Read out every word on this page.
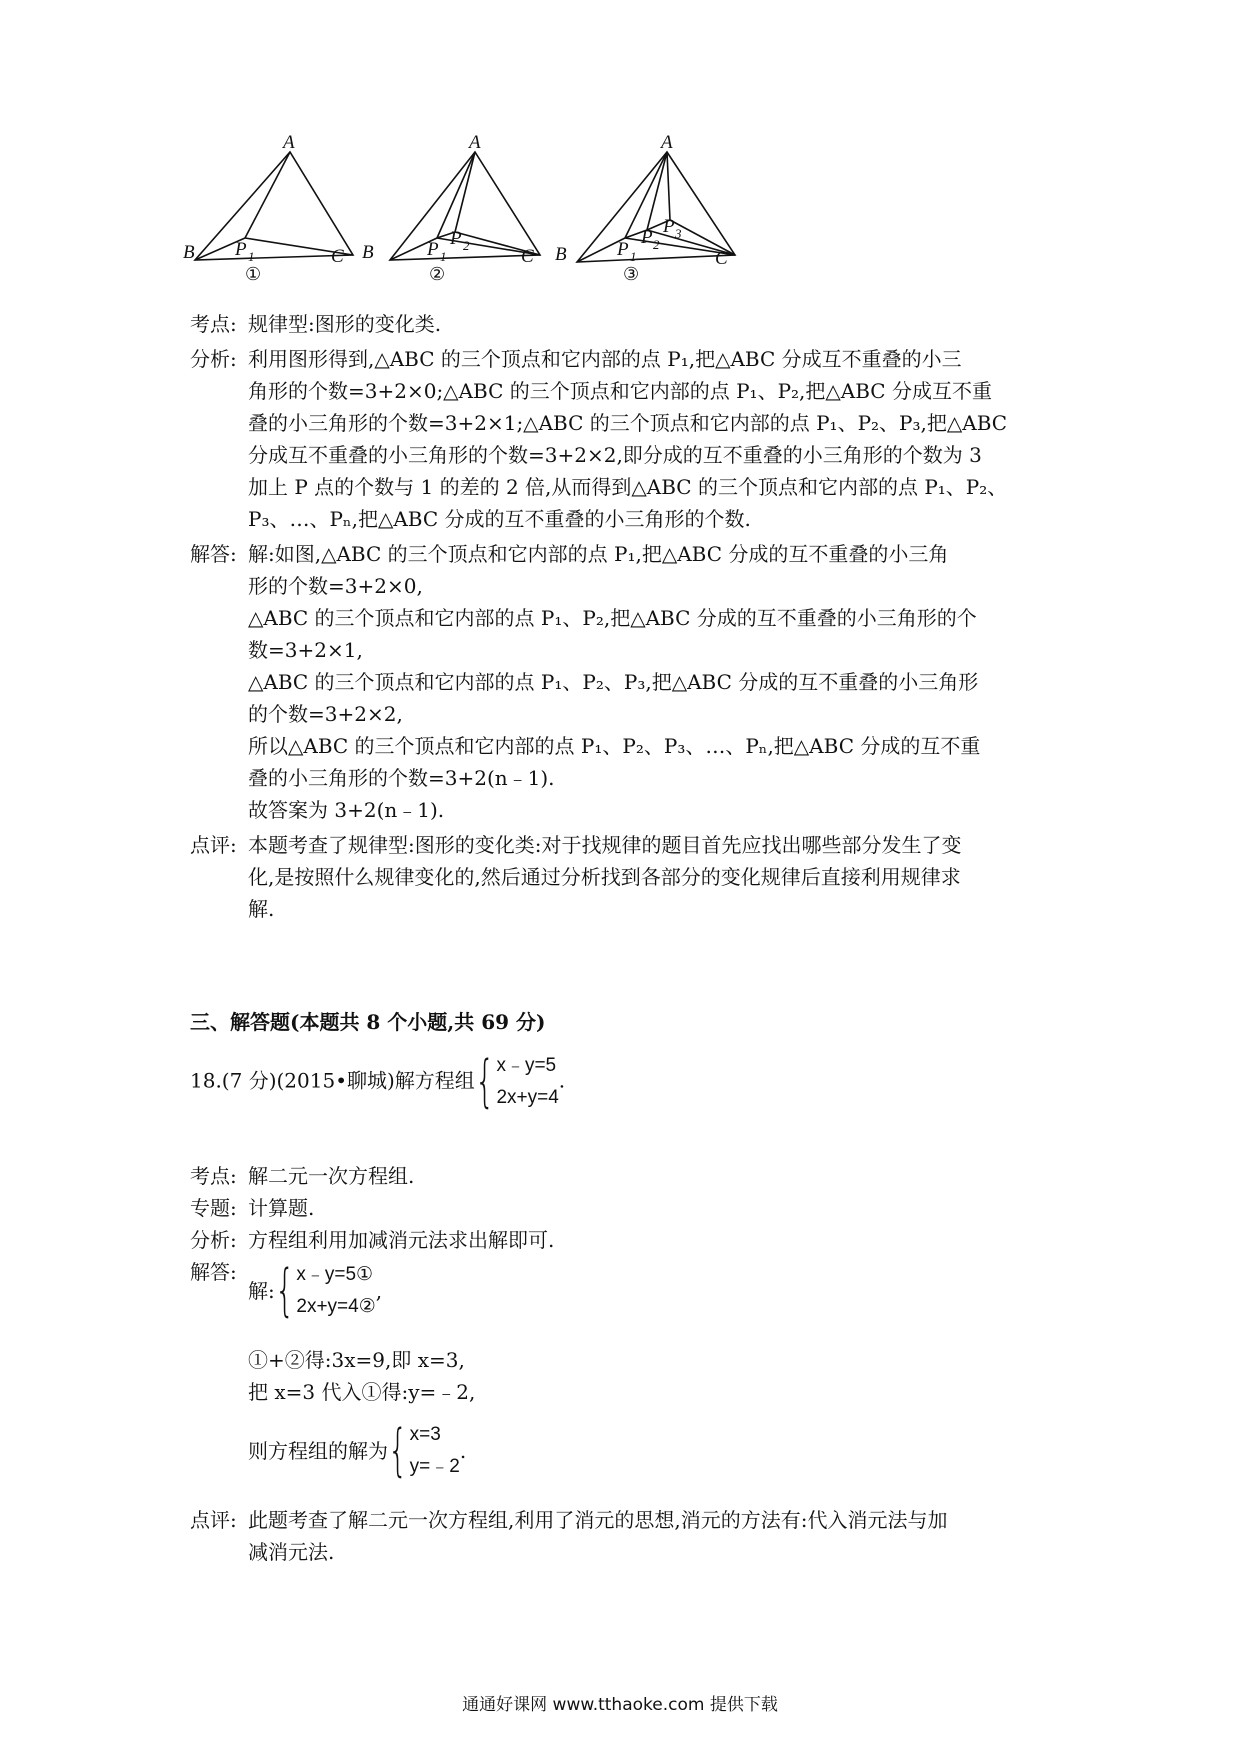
A
B	C
P 1
①
A
B	C
P 1
P 2
②
A
B	C
P 1
P 2
P 3
③
考点: 规律型:图形的变化类.
分析: 利用图形得到,△ABC 的三个顶点和它内部的点 P₁,把△ABC 分成互不重叠的小三
角形的个数=3+2×0;△ABC 的三个顶点和它内部的点 P₁、P₂,把△ABC 分成互不重
叠的小三角形的个数=3+2×1;△ABC 的三个顶点和它内部的点 P₁、P₂、P₃,把△ABC
分成互不重叠的小三角形的个数=3+2×2,即分成的互不重叠的小三角形的个数为 3
加上 P 点的个数与 1 的差的 2 倍,从而得到△ABC 的三个顶点和它内部的点 P₁、P₂、
P₃、…、Pₙ,把△ABC 分成的互不重叠的小三角形的个数.
解答: 解:如图,△ABC 的三个顶点和它内部的点 P₁,把△ABC 分成的互不重叠的小三角
形的个数=3+2×0,
△ABC 的三个顶点和它内部的点 P₁、P₂,把△ABC 分成的互不重叠的小三角形的个
数=3+2×1,
△ABC 的三个顶点和它内部的点 P₁、P₂、P₃,把△ABC 分成的互不重叠的小三角形
的个数=3+2×2,
所以△ABC 的三个顶点和它内部的点 P₁、P₂、P₃、…、Pₙ,把△ABC 分成的互不重
叠的小三角形的个数=3+2(n﹣1).
故答案为 3+2(n﹣1).
点评: 本题考查了规律型:图形的变化类:对于找规律的题目首先应找出哪些部分发生了变
化,是按照什么规律变化的,然后通过分析找到各部分的变化规律后直接利用规律求
解.
三、解答题(本题共 8 个小题,共 69 分)
18.(7 分)(2015•聊城)解方程组 { x﹣y=5
2x+y=4
.
考点: 解二元一次方程组.
专题: 计算题.
分析: 方程组利用加减消元法求出解即可.
解答:
解: { x﹣y=5①
2x+y=4②
,
①+②得:3x=9,即 x=3,
把 x=3 代入①得:y=﹣2,
则方程组的解为 { x=3
y=﹣2
.
点评: 此题考查了解二元一次方程组,利用了消元的思想,消元的方法有:代入消元法与加
减消元法.
通通好课网 www.tthaoke.com 提供下载
